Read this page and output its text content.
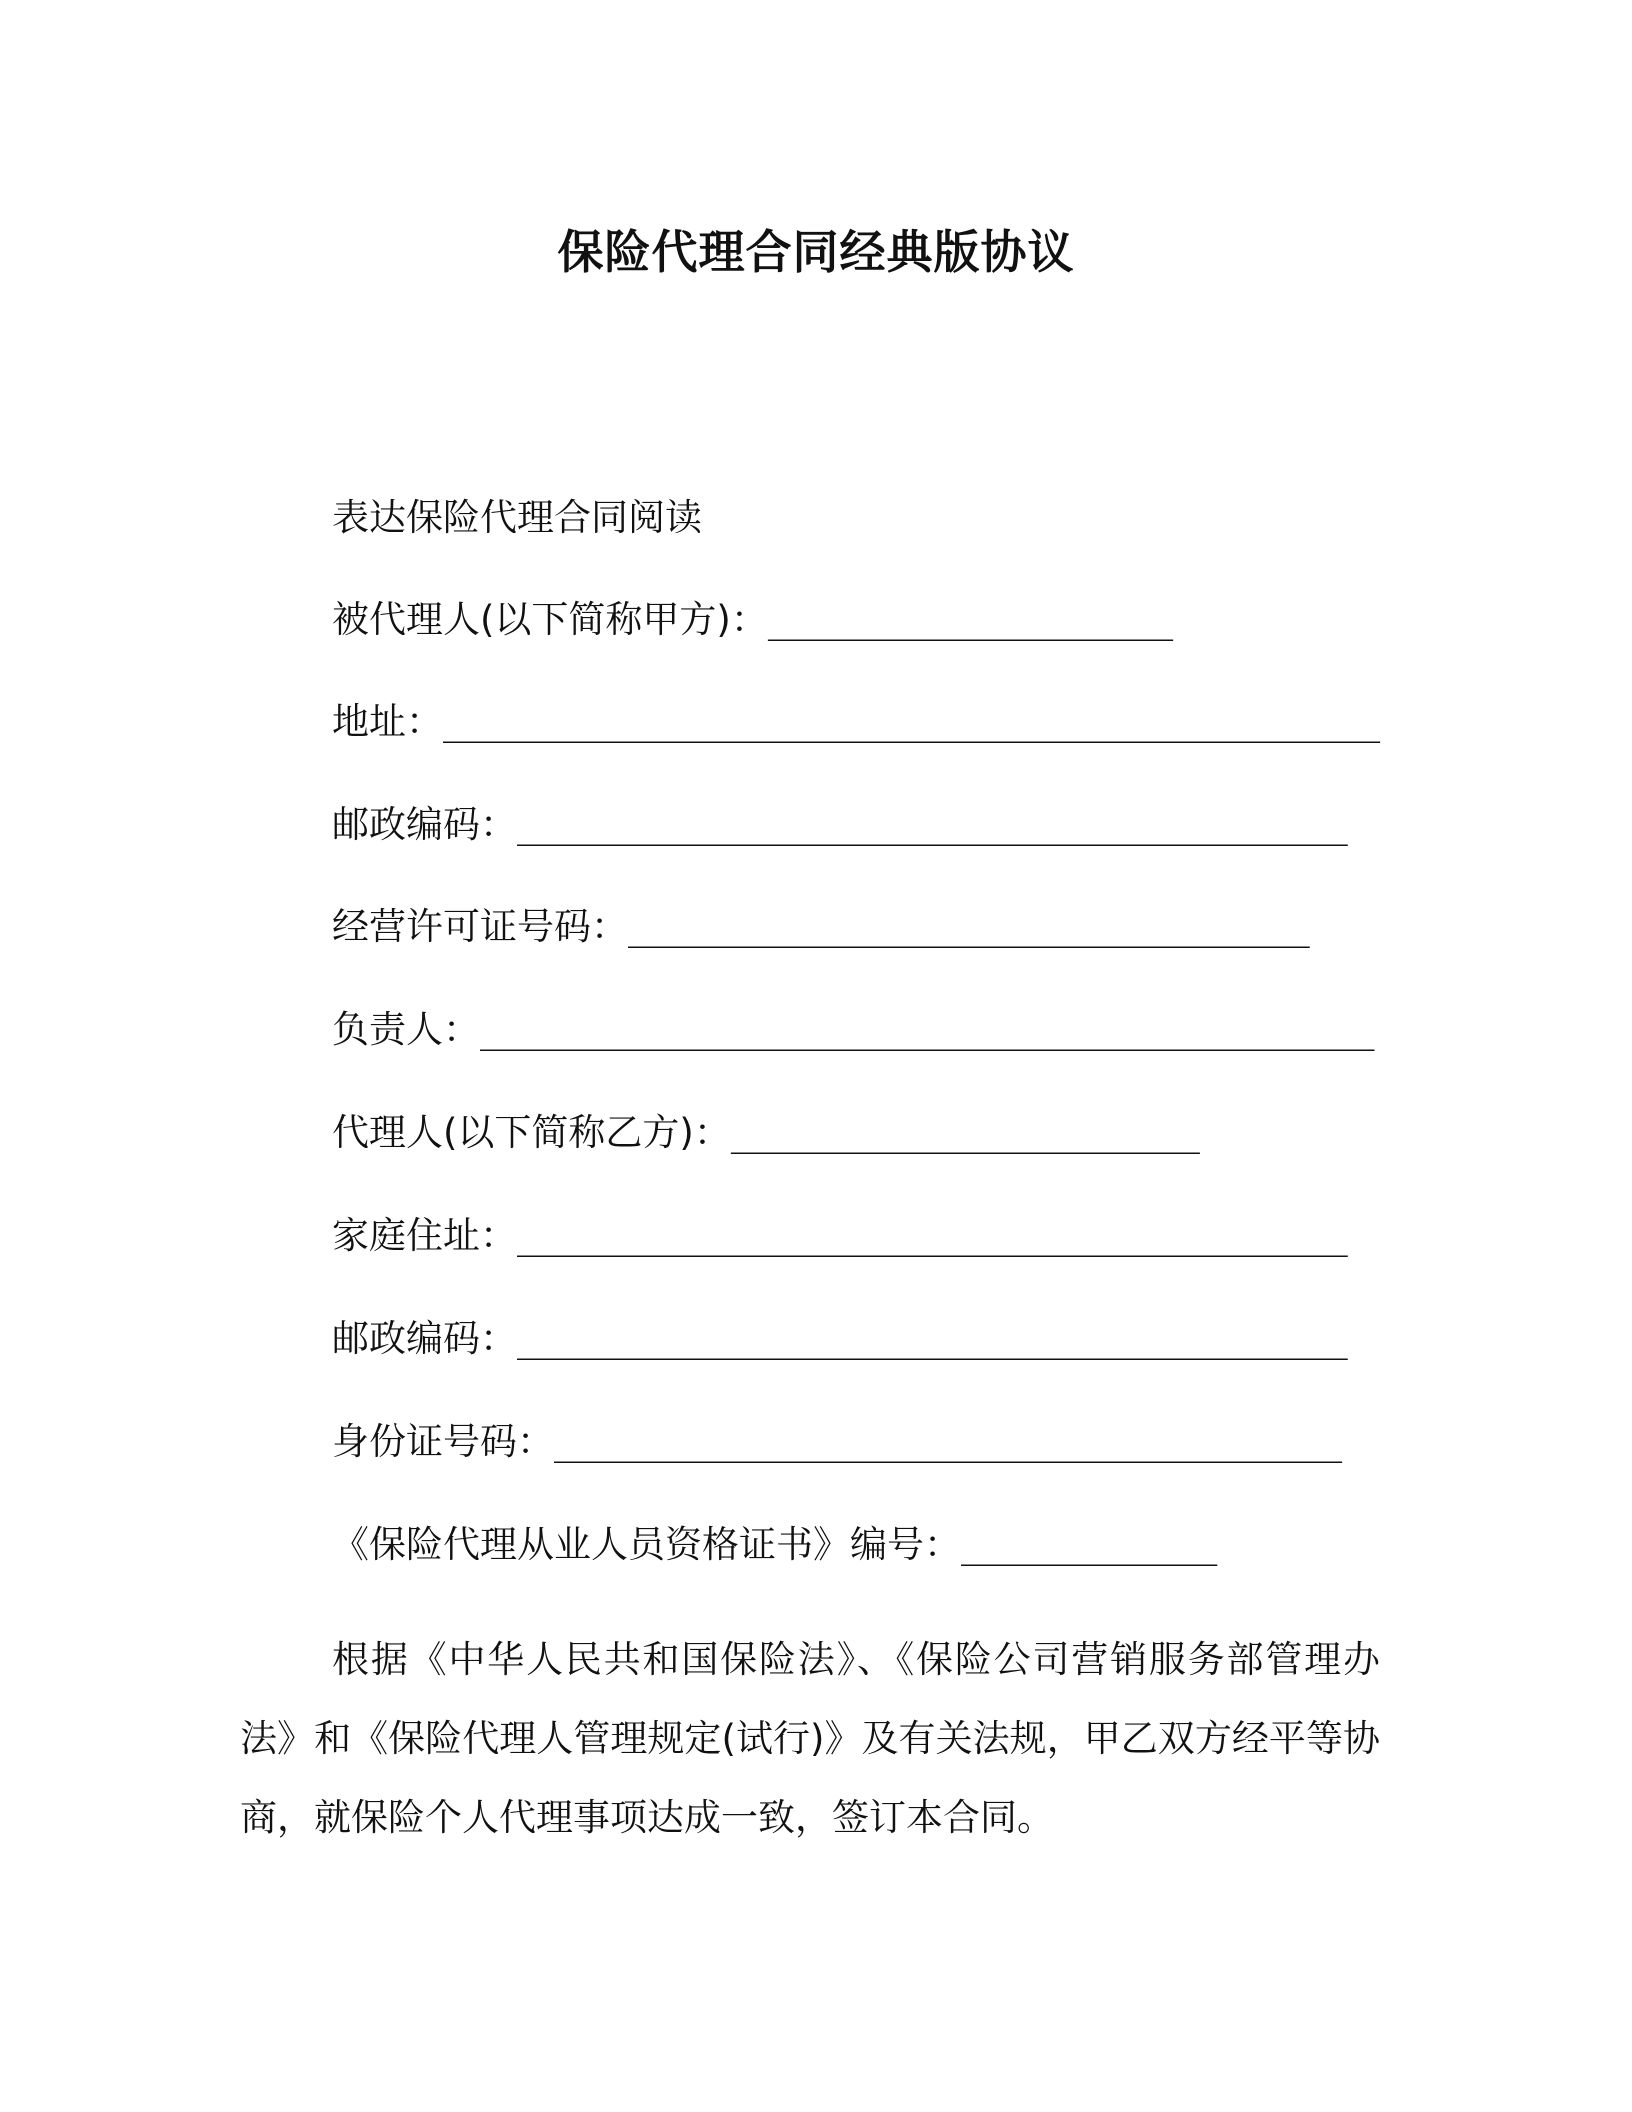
保险代理合同经典版协议
表达保险代理合同阅读
被代理人(以下简称甲方)：___________________
地址：____________________________________________
邮政编码：_______________________________________
经营许可证号码：________________________________
负责人：__________________________________________
代理人(以下简称乙方)：______________________
家庭住址：_______________________________________
邮政编码：_______________________________________
身份证号码：_____________________________________
《保险代理从业人员资格证书》编号：____________
根据《中华人民共和国保险法》、《保险公司营销服务部管理办法》和《保险代理人管理规定(试行)》及有关法规，甲乙双方经平等协商，就保险个人代理事项达成一致，签订本合同。
